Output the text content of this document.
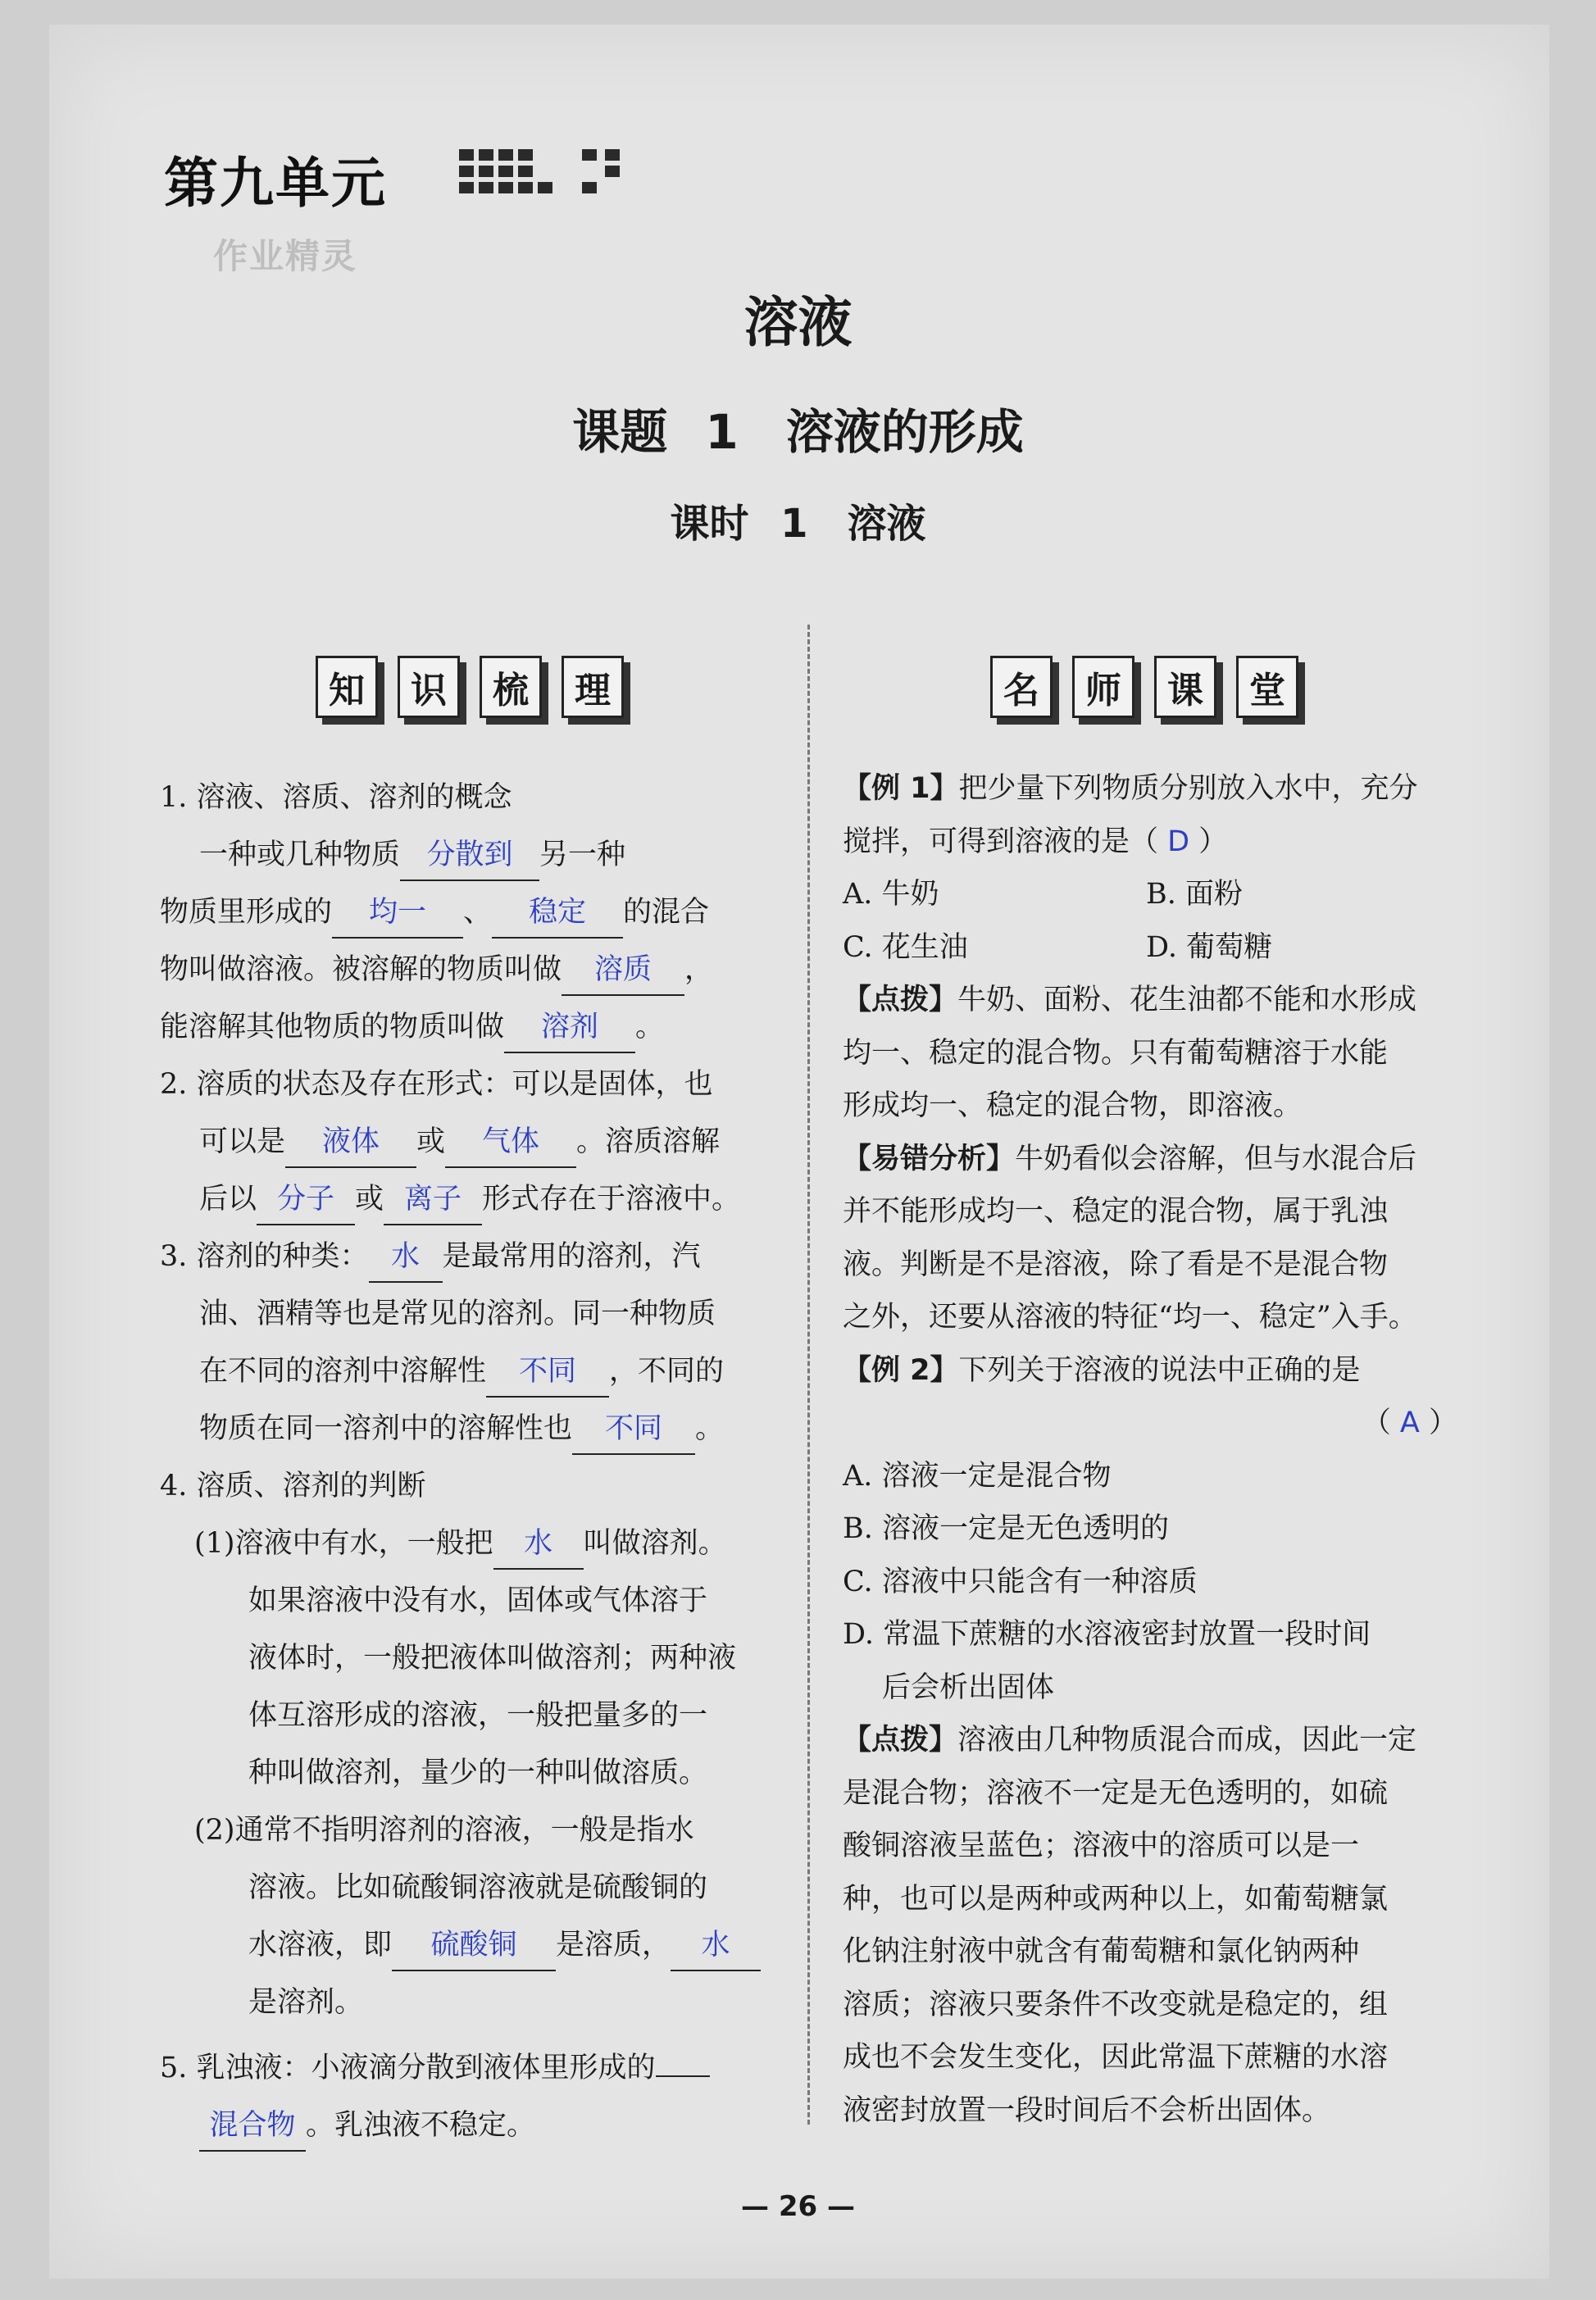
第九单元
作业精灵
溶液
课题 1　溶液的形成
课时 1　溶液
知	识	梳	理	名	师	课	堂

1. 溶液、溶质、溶剂的概念

一种或几种物质 分散到 另一种

物质里形成的 均一 、 稳定 的混合

物叫做溶液。被溶解的物质叫做 溶质 ，

能溶解其他物质的物质叫做 溶剂 。

2. 溶质的状态及存在形式：可以是固体，也

可以是 液体 或 气体 。溶质溶解

后以 分子 或 离子 形式存在于溶液中。

3. 溶剂的种类： 水 是最常用的溶剂，汽

油、酒精等也是常见的溶剂。同一种物质

在不同的溶剂中溶解性 不同 ，不同的

物质在同一溶剂中的溶解性也 不同 。

4. 溶质、溶剂的判断

(1)溶液中有水，一般把 水 叫做溶剂。

如果溶液中没有水，固体或气体溶于

液体时，一般把液体叫做溶剂；两种液

体互溶形成的溶液，一般把量多的一

种叫做溶剂，量少的一种叫做溶质。

(2)通常不指明溶剂的溶液，一般是指水

溶液。比如硫酸铜溶液就是硫酸铜的

水溶液，即 硫酸铜 是溶质， 水

是溶剂。

5. 乳浊液：小液滴分散到液体里形成的

混合物 。乳浊液不稳定。

【例 1】把少量下列物质分别放入水中，充分

搅拌，可得到溶液的是（ D ）

A. 牛奶	B. 面粉
C. 花生油	D. 葡萄糖

【点拨】牛奶、面粉、花生油都不能和水形成

均一、稳定的混合物。只有葡萄糖溶于水能

形成均一、稳定的混合物，即溶液。

【易错分析】牛奶看似会溶解，但与水混合后

并不能形成均一、稳定的混合物，属于乳浊

液。判断是不是溶液，除了看是不是混合物

之外，还要从溶液的特征“均一、稳定”入手。

【例 2】下列关于溶液的说法中正确的是

（ A ）

A. 溶液一定是混合物

B. 溶液一定是无色透明的

C. 溶液中只能含有一种溶质

D. 常温下蔗糖的水溶液密封放置一段时间

后会析出固体

【点拨】溶液由几种物质混合而成，因此一定

是混合物；溶液不一定是无色透明的，如硫

酸铜溶液呈蓝色；溶液中的溶质可以是一

种，也可以是两种或两种以上，如葡萄糖氯

化钠注射液中就含有葡萄糖和氯化钠两种

溶质；溶液只要条件不改变就是稳定的，组

成也不会发生变化，因此常温下蔗糖的水溶

液密封放置一段时间后不会析出固体。

— 26 —
